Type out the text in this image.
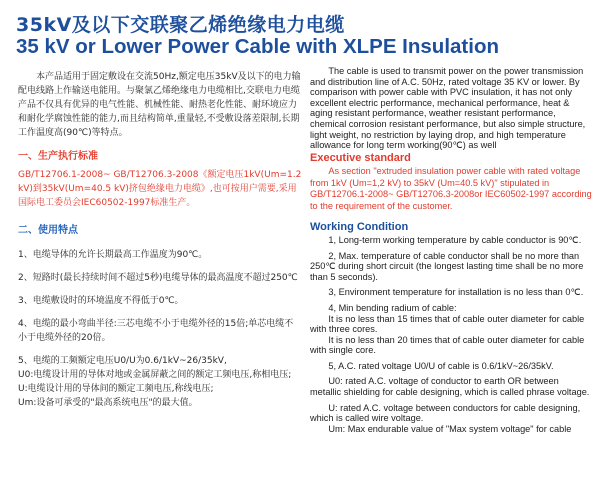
35kV及以下交联聚乙烯绝缘电力电缆
35 kV or Lower Power Cable with XLPE Insulation

本产品适用于固定敷设在交流50Hz,额定电压35kV及以下的电力输配电线路上作输送电能用。与聚氯乙烯绝缘电力电缆相比,交联电力电缆产品不仅具有优异的电气性能、机械性能、耐热老化性能、耐环境应力和耐化学腐蚀性能的能力,而且结构简单,重量轻,不受敷设落差限制,长期工作温度高(90℃)等特点。

一、生产执行标准

GB/T12706.1-2008~ GB/T12706.3-2008《额定电压1kV(Um=1.2 kV)到35kV(Um=40.5 kV)挤包绝缘电力电缆》,也可按用户需要,采用国际电工委员会IEC60502-1997标准生产。

二、使用特点

1、电缆导体的允许长期最高工作温度为90℃。

2、短路时(最长持续时间不超过5秒)电缆导体的最高温度不超过250℃

3、电缆敷设时的环境温度不得低于0℃。

4、电缆的最小弯曲半径:三芯电缆不小于电缆外径的15倍;单芯电缆不小于电缆外径的20倍。

5、电缆的工频额定电压U0/U为0.6/1kV~26/35kV,

U0:电缆设计用的导体对地或金属屏蔽之间的额定工频电压,称相电压;

U:电缆设计用的导体间的额定工频电压,称线电压;

Um:设备可承受的"最高系统电压"的最大值。

The cable is used to transmit power on the power transmission and distribution line of A.C. 50Hz, rated voltage 35 KV or lower. By comparison with power cable with PVC insulation, it has not only excellent electric performance, mechanical performance, heat & aging resistant performance, weather resistant performance, chemical corrosion resistant performance, but also simple structure, light weight, no restriction by laying drop, and high temperature allowance for long term working(90℃) as well

Executive standard

As section "extruded insulation power cable with rated voltage from 1kV (Um=1,2 kV) to 35kV (Um=40.5 kV)" stipulated in GB/T12706.1-2008~ GB/T12706.3-2008or IEC60502-1997 according to the requirement of the customer.

Working Condition

1, Long-term working temperature by cable conductor is 90℃.

2, Max. temperature of cable conductor shall be no more than 250℃ during short circuit (the longest lasting time shall be no more than 5 seconds).

3, Environment temperature for installation is no less than 0℃.

4, Min bending radium of cable:

It is no less than 15 times that of cable outer diameter for cable with three cores.

It is no less than 20 times that of cable outer diameter for cable with single core.

5, A.C. rated voltage U0/U of cable is 0.6/1kV~26/35kV.

U0: rated A.C. voltage of conductor to earth OR between metallic shielding for cable designing, which is called phrase voltage.

U: rated A.C. voltage between conductors for cable designing, which is called wire voltage.

Um: Max endurable value of "Max system voltage" for cable
